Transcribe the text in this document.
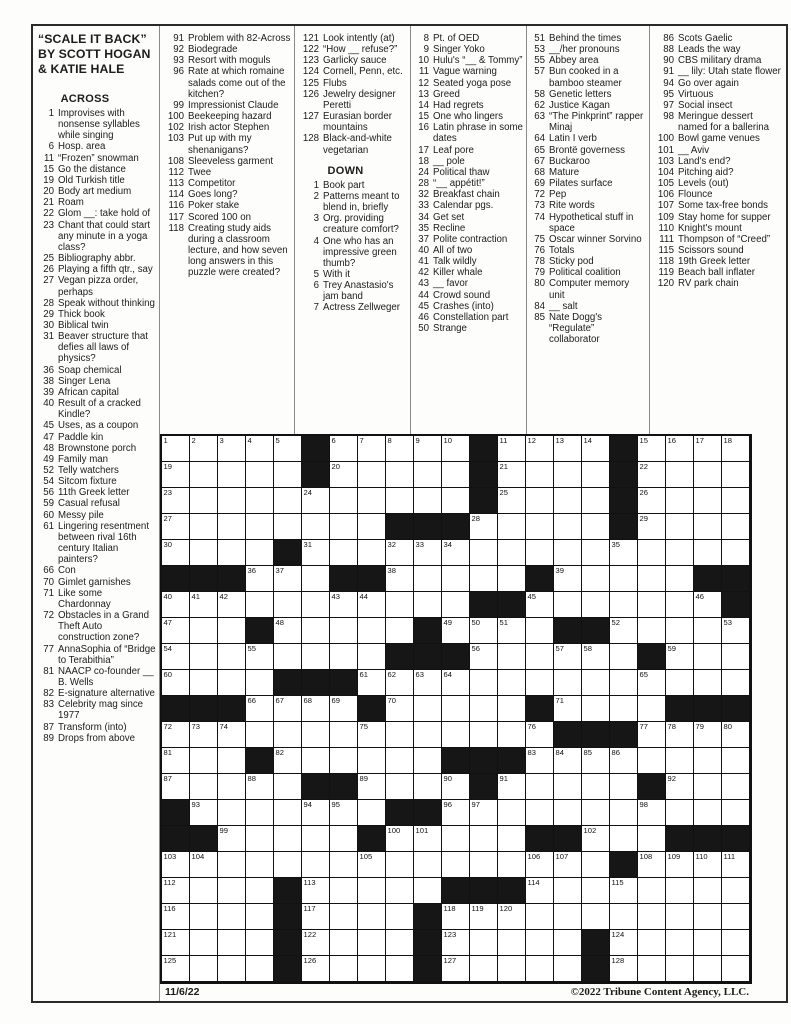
“SCALE IT BACK”
BY SCOTT HOGAN
& KATIE HALE
ACROSS
1 Improvises with nonsense syllables while singing
6 Hosp. area
11 “Frozen” snowman
15 Go the distance
19 Old Turkish title
20 Body art medium
21 Roam
22 Glom __: take hold of
23 Chant that could start any minute in a yoga class?
25 Bibliography abbr.
26 Playing a fifth qtr., say
27 Vegan pizza order, perhaps
28 Speak without thinking
29 Thick book
30 Biblical twin
31 Beaver structure that defies all laws of physics?
36 Soap chemical
38 Singer Lena
39 African capital
40 Result of a cracked Kindle?
45 Uses, as a coupon
47 Paddle kin
48 Brownstone porch
49 Family man
52 Telly watchers
54 Sitcom fixture
56 11th Greek letter
59 Casual refusal
60 Messy pile
61 Lingering resentment between rival 16th century Italian painters?
66 Con
70 Gimlet garnishes
71 Like some Chardonnay
72 Obstacles in a Grand Theft Auto construction zone?
77 AnnaSophia of “Bridge to Terabithia”
81 NAACP co-founder __ B. Wells
82 E-signature alternative
83 Celebrity mag since 1977
87 Transform (into)
89 Drops from above
91 Problem with 82-Across
92 Biodegrade
93 Resort with moguls
96 Rate at which romaine salads come out of the kitchen?
99 Impressionist Claude
100 Beekeeping hazard
102 Irish actor Stephen
103 Put up with my shenanigans?
108 Sleeveless garment
112 Twee
113 Competitor
114 Goes long?
116 Poker stake
117 Scored 100 on
118 Creating study aids during a classroom lecture, and how seven long answers in this puzzle were created?
121 Look intently (at)
122 “How __ refuse?”
123 Garlicky sauce
124 Cornell, Penn, etc.
125 Flubs
126 Jewelry designer Peretti
127 Eurasian border mountains
128 Black-and-white vegetarian
DOWN
1 Book part
2 Patterns meant to blend in, briefly
3 Org. providing creature comfort?
4 One who has an impressive green thumb?
5 With it
6 Trey Anastasio's jam band
7 Actress Zellweger
8 Pt. of OED
9 Singer Yoko
10 Hulu's “__ & Tommy”
11 Vague warning
12 Seated yoga pose
13 Greed
14 Had regrets
15 One who lingers
16 Latin phrase in some dates
17 Leaf pore
18 __ pole
24 Political thaw
28 “__ appétit!”
32 Breakfast chain
33 Calendar pgs.
34 Get set
35 Recline
37 Polite contraction
40 All of two
41 Talk wildly
42 Killer whale
43 __ favor
44 Crowd sound
45 Crashes (into)
46 Constellation part
50 Strange
51 Behind the times
53 __/her pronouns
55 Abbey area
57 Bun cooked in a bamboo steamer
58 Genetic letters
62 Justice Kagan
63 “The Pinkprint” rapper Minaj
64 Latin I verb
65 Brontë governess
67 Buckaroo
68 Mature
69 Pilates surface
72 Pep
73 Rite words
74 Hypothetical stuff in space
75 Oscar winner Sorvino
76 Totals
78 Sticky pod
79 Political coalition
80 Computer memory unit
84 __ salt
85 Nate Dogg's “Regulate” collaborator
86 Scots Gaelic
88 Leads the way
90 CBS military drama
91 __ lily: Utah state flower
94 Go over again
95 Virtuous
97 Social insect
98 Meringue dessert named for a ballerina
100 Bowl game venues
101 __ Aviv
103 Land's end?
104 Pitching aid?
105 Levels (out)
106 Flounce
107 Some tax-free bonds
109 Stay home for supper
110 Knight's mount
111 Thompson of “Creed”
115 Scissors sound
118 19th Greek letter
119 Beach ball inflater
120 RV park chain
1	2	3	4	5	6	7	8	9	10	11	12	13	14	15	16	17	18
19	20	21	22
23	24	25	26
27	28	29
30	31	32	33	34	35
36	37	38	39
40	41	42	43	44	45	46
47	48	49	50	51	52	53
54	55	56	57	58	59
60	61	62	63	64	65
66	67	68	69	70	71
72	73	74	75	76	77	78	79	80
81	82	83	84	85	86
87	88	89	90	91	92
93	94	95	96	97	98
99	100 101	102
103 104	105	106 107	108 109 110 111
112	113	114	115
116	117	118 119 120
121	122	123	124
125	126	127	128
11/6/22	©2022 Tribune Content Agency, LLC.
